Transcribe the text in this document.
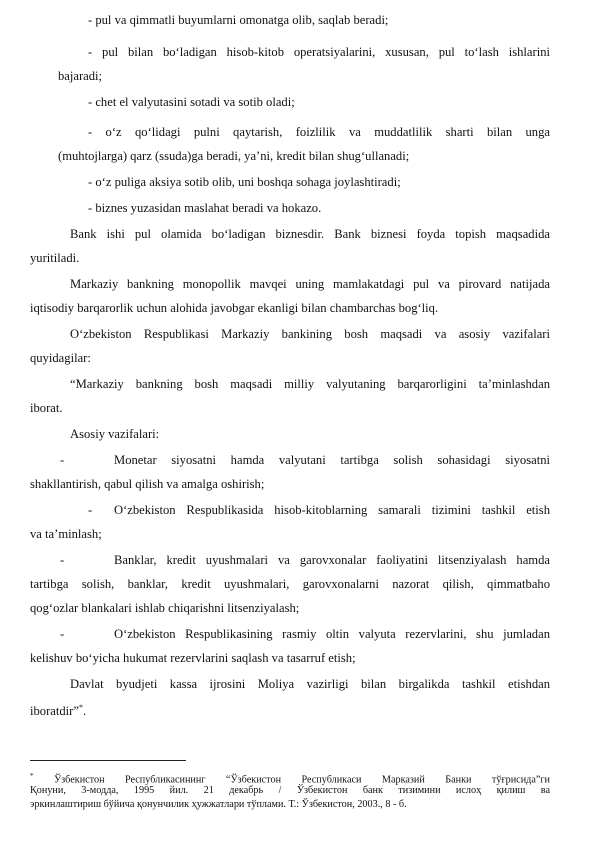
- pul va qimmatli buyumlarni omonatga olib, saqlab beradi;
- pul bilan bo‘ladigan hisob-kitob operatsiyalarini, xususan, pul to‘lash ishlarini
bajaradi;
- chet el valyutasini sotadi va sotib oladi;
- o‘z qo‘lidagi pulni qaytarish, foizlilik va muddatlilik sharti bilan unga
(muhtojlarga) qarz (ssuda)ga beradi, ya’ni, kredit bilan shug‘ullanadi;
- o‘z puliga aksiya sotib olib, uni boshqa sohaga joylashtiradi;
- biznes yuzasidan maslahat beradi va hokazo.
Bank ishi pul olamida bo‘ladigan biznesdir. Bank biznesi foyda topish maqsadida
yuritiladi.
Markaziy bankning monopollik mavqei uning mamlakatdagi pul va pirovard natijada
iqtisodiy barqarorlik uchun alohida javobgar ekanligi bilan chambarchas bog‘liq.
O‘zbekiston Respublikasi Markaziy bankining bosh maqsadi va asosiy vazifalari
quyidagilar:
“Markaziy bankning bosh maqsadi milliy valyutaning barqarorligini ta’minlashdan
iborat.
Asosiy vazifalari:
-	Monetar siyosatni hamda valyutani tartibga solish sohasidagi siyosatni
shakllantirish, qabul qilish va amalga oshirish;
- O‘zbekiston Respublikasida hisob-kitoblarning samarali tizimini tashkil etish
va ta’minlash;
-	Banklar, kredit uyushmalari va garovxonalar faoliyatini litsenziyalash hamda
tartibga solish, banklar, kredit uyushmalari, garovxonalarni nazorat qilish, qimmatbaho
qog‘ozlar blankalari ishlab chiqarishni litsenziyalash;
-	O‘zbekiston Respublikasining rasmiy oltin valyuta rezervlarini, shu jumladan
kelishuv bo‘yicha hukumat rezervlarini saqlash va tasarruf etish;
Davlat byudjeti kassa ijrosini Moliya vazirligi bilan birgalikda tashkil etishdan
iboratdir”*.
* Ўзбекистон Республикасининг “Ўзбекистон Республикаси Марказий Банки тўғрисида”ги
Қонуни, 3-модда, 1995 йил. 21 декабрь / Ўзбекистон банк тизимини ислоҳ қилиш ва
эркинлаштириш бўйича қонунчилик ҳужжатлари тўплами. Т.: Ўзбекистон, 2003., 8 - б.
